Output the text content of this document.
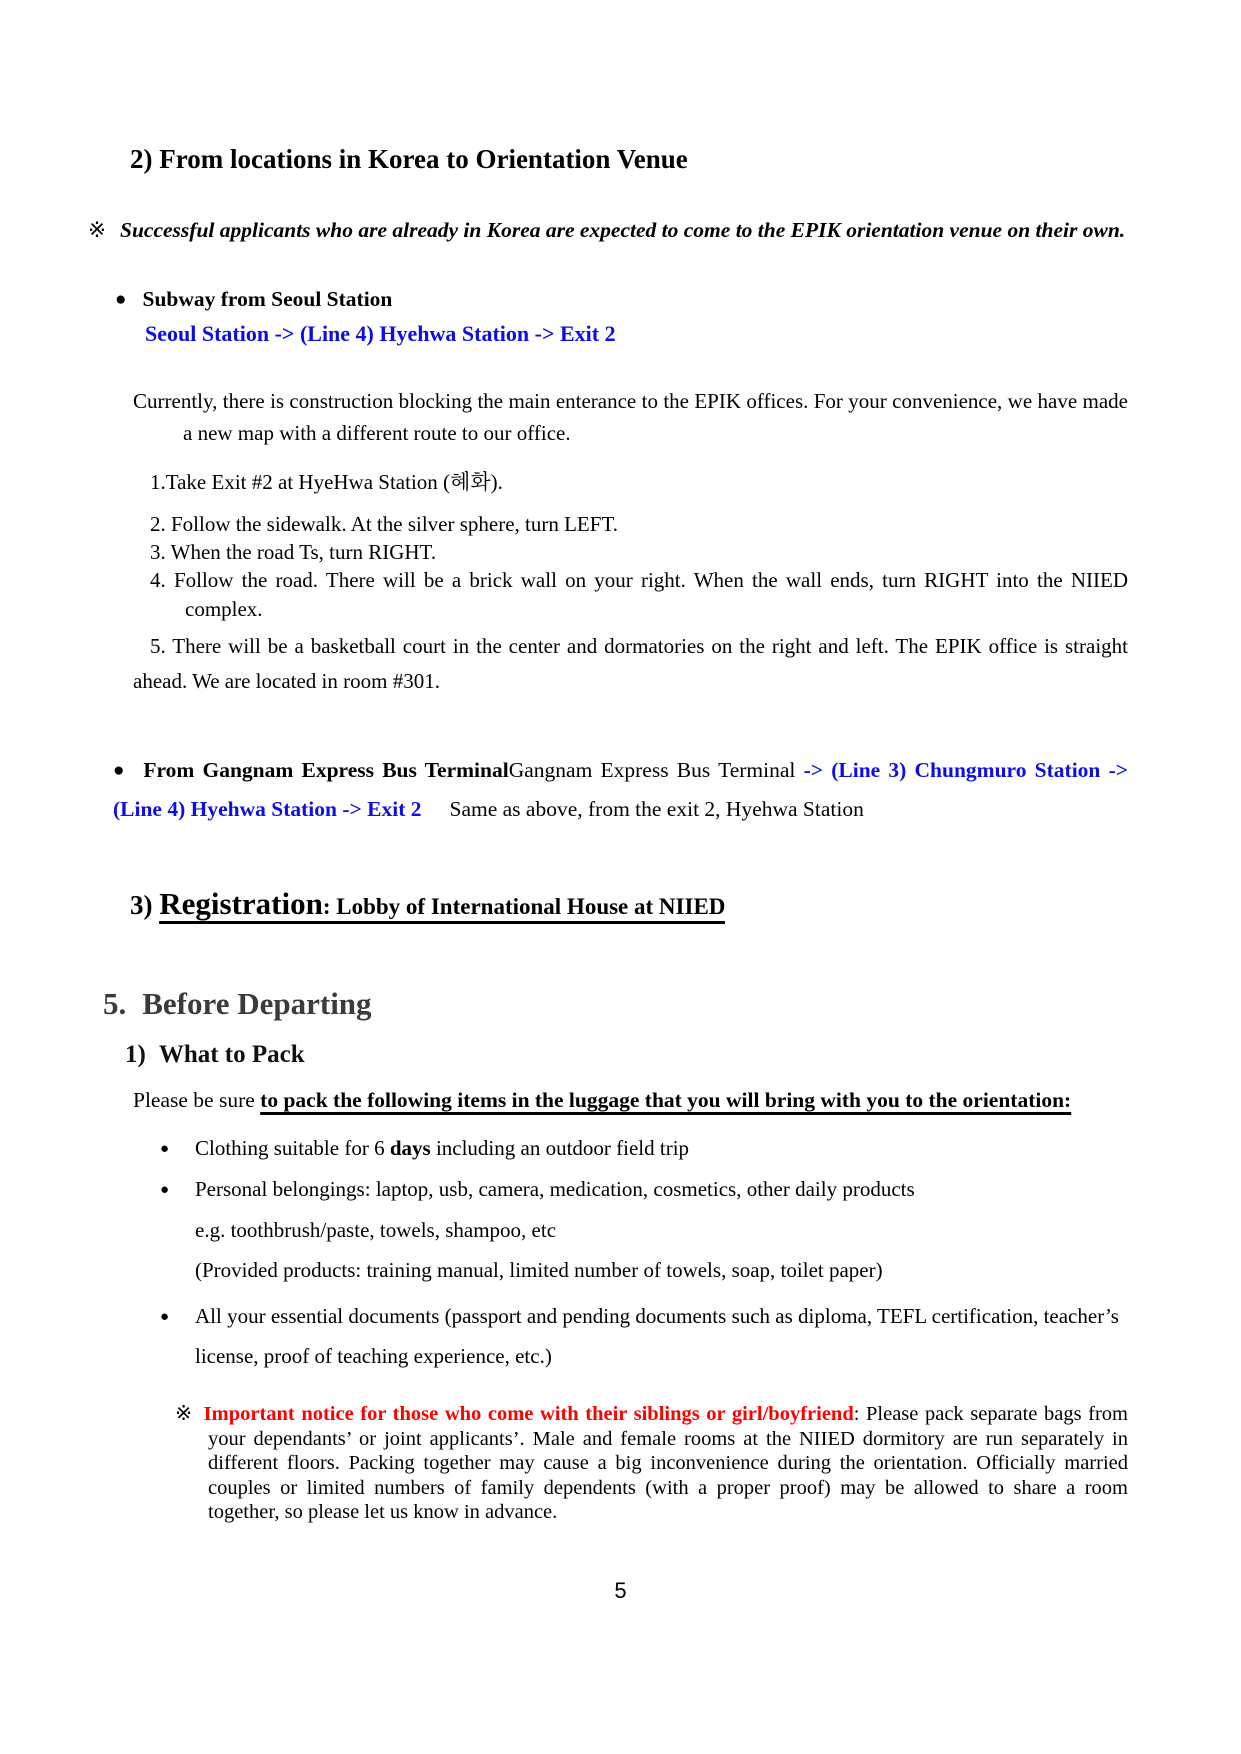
2) From locations in Korea to Orientation Venue
※ Successful applicants who are already in Korea are expected to come to the EPIK orientation venue on their own.
● Subway from Seoul Station
Seoul Station -> (Line 4) Hyehwa Station -> Exit 2
Currently, there is construction blocking the main enterance to the EPIK offices. For your convenience, we have made a new map with a different route to our office.
1.Take Exit #2 at HyeHwa Station (혜화).
2. Follow the sidewalk. At the silver sphere, turn LEFT.
3. When the road Ts, turn RIGHT.
4. Follow the road. There will be a brick wall on your right. When the wall ends, turn RIGHT into the NIIED complex.
5. There will be a basketball court in the center and dormatories on the right and left. The EPIK office is straight ahead. We are located in room #301.
● From Gangnam Express Bus TerminalGangnam Express Bus Terminal -> (Line 3) Chungmuro Station -> (Line 4) Hyehwa Station -> Exit 2 Same as above, from the exit 2, Hyehwa Station
3) Registration: Lobby of International House at NIIED
5. Before Departing
1) What to Pack
Please be sure to pack the following items in the luggage that you will bring with you to the orientation:
●	Clothing suitable for 6 days including an outdoor field trip
●	Personal belongings: laptop, usb, camera, medication, cosmetics, other daily products
e.g. toothbrush/paste, towels, shampoo, etc
(Provided products: training manual, limited number of towels, soap, toilet paper)
●	All your essential documents (passport and pending documents such as diploma, TEFL certification, teacher’s license, proof of teaching experience, etc.)
※ Important notice for those who come with their siblings or girl/boyfriend: Please pack separate bags from your dependants’ or joint applicants’. Male and female rooms at the NIIED dormitory are run separately in different floors. Packing together may cause a big inconvenience during the orientation. Officially married couples or limited numbers of family dependents (with a proper proof) may be allowed to share a room together, so please let us know in advance.
5
